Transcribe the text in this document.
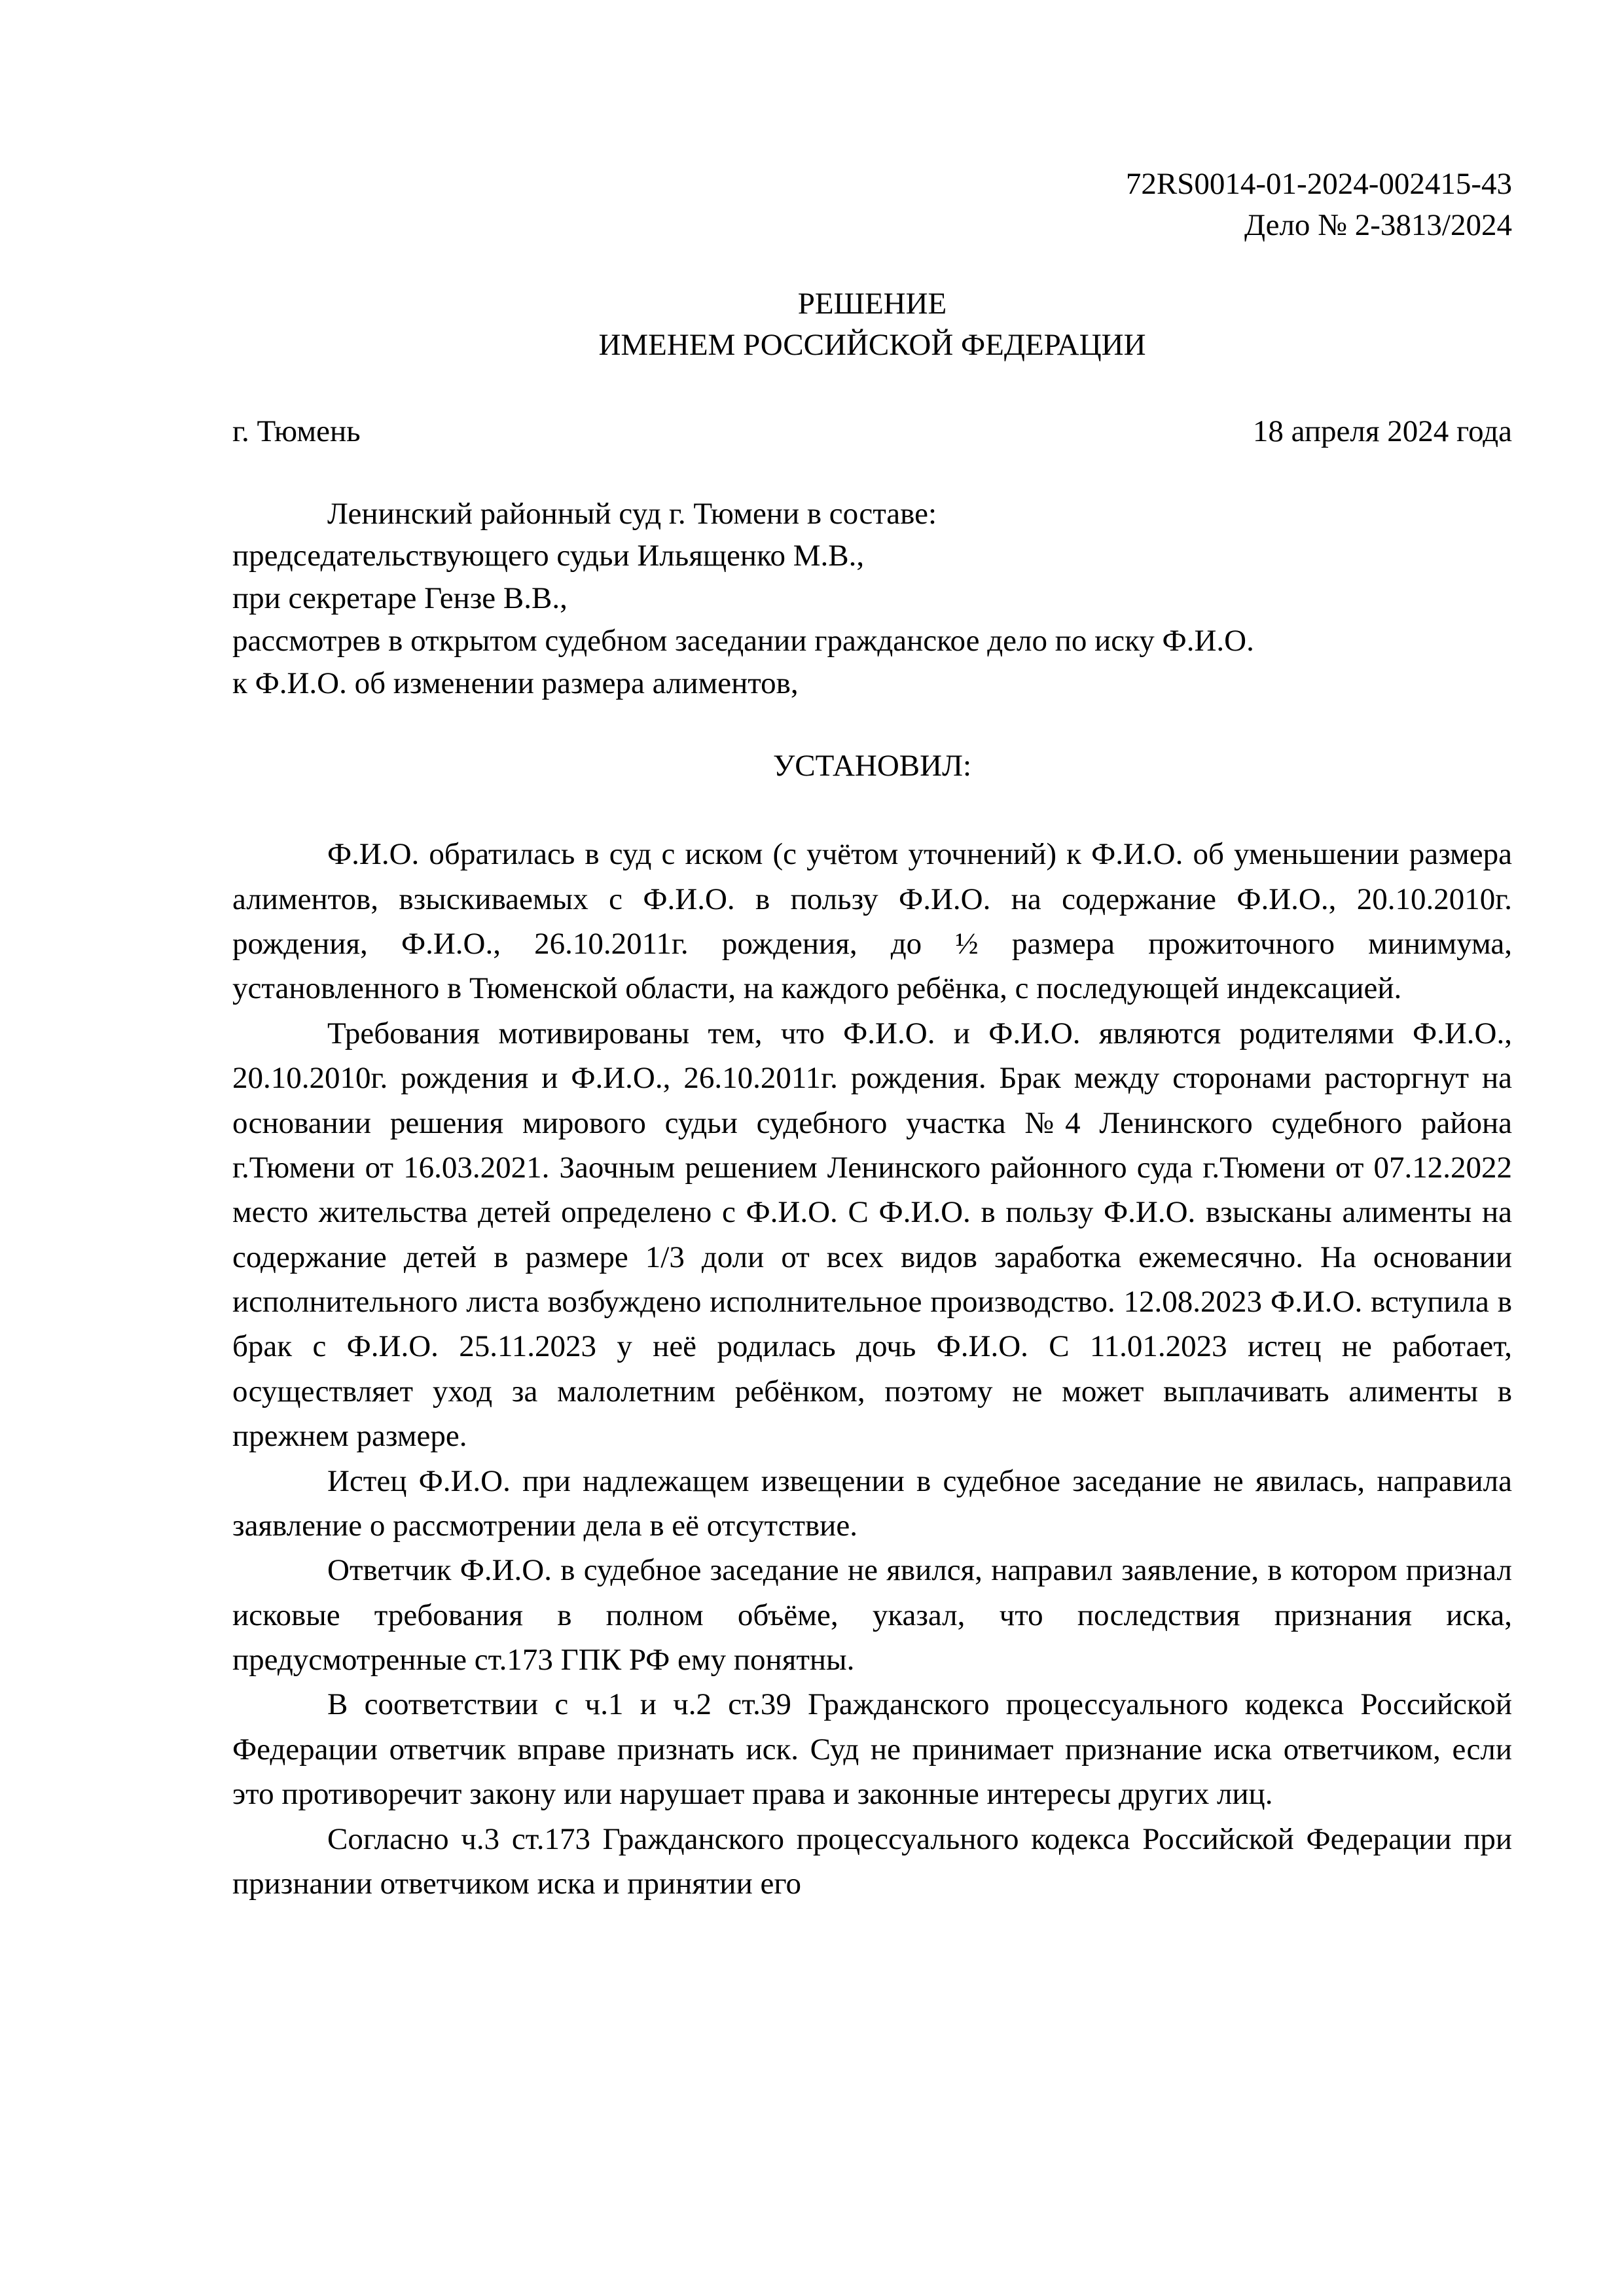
72RS0014-01-2024-002415-43
Дело № 2-3813/2024
РЕШЕНИЕ
ИМЕНЕМ РОССИЙСКОЙ ФЕДЕРАЦИИ
г. Тюмень	18 апреля 2024 года
Ленинский районный суд г. Тюмени в составе:
председательствующего судьи Ильященко М.В.,
при секретаре Гензе В.В.,
рассмотрев в открытом судебном заседании гражданское дело по иску Ф.И.О.
к Ф.И.О. об изменении размера алиментов,
УСТАНОВИЛ:

Ф.И.О. обратилась в суд с иском (с учётом уточнений) к Ф.И.О. об уменьшении размера алиментов, взыскиваемых с Ф.И.О. в пользу Ф.И.О. на содержание Ф.И.О., 20.10.2010г. рождения, Ф.И.О., 26.10.2011г. рождения, до ½ размера прожиточного минимума, установленного в Тюменской области, на каждого ребёнка, с последующей индексацией.

Требования мотивированы тем, что Ф.И.О. и Ф.И.О. являются родителями Ф.И.О., 20.10.2010г. рождения и Ф.И.О., 26.10.2011г. рождения. Брак между сторонами расторгнут на основании решения мирового судьи судебного участка №4 Ленинского судебного района г.Тюмени от 16.03.2021. Заочным решением Ленинского районного суда г.Тюмени от 07.12.2022 место жительства детей определено с Ф.И.О. С Ф.И.О. в пользу Ф.И.О. взысканы алименты на содержание детей в размере 1/3 доли от всех видов заработка ежемесячно. На основании исполнительного листа возбуждено исполнительное производство. 12.08.2023 Ф.И.О. вступила в брак с Ф.И.О. 25.11.2023 у неё родилась дочь Ф.И.О. С 11.01.2023 истец не работает, осуществляет уход за малолетним ребёнком, поэтому не может выплачивать алименты в прежнем размере.

Истец Ф.И.О. при надлежащем извещении в судебное заседание не явилась, направила заявление о рассмотрении дела в её отсутствие.

Ответчик Ф.И.О. в судебное заседание не явился, направил заявление, в котором признал исковые требования в полном объёме, указал, что последствия признания иска, предусмотренные ст.173 ГПК РФ ему понятны.

В соответствии с ч.1 и ч.2 ст.39 Гражданского процессуального кодекса Российской Федерации ответчик вправе признать иск. Суд не принимает признание иска ответчиком, если это противоречит закону или нарушает права и законные интересы других лиц.

Согласно ч.3 ст.173 Гражданского процессуального кодекса Российской Федерации при признании ответчиком иска и принятии его
